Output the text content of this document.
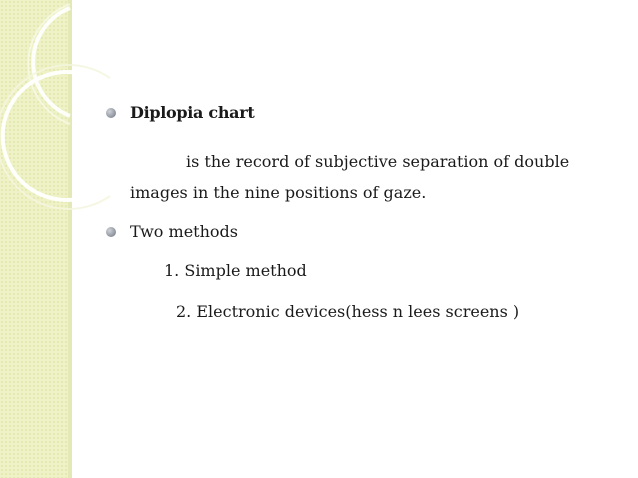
Diplopia chart
is the record of subjective separation of double
images in the nine positions of gaze.
Two methods
1. Simple method
2. Electronic devices(hess n lees screens )
